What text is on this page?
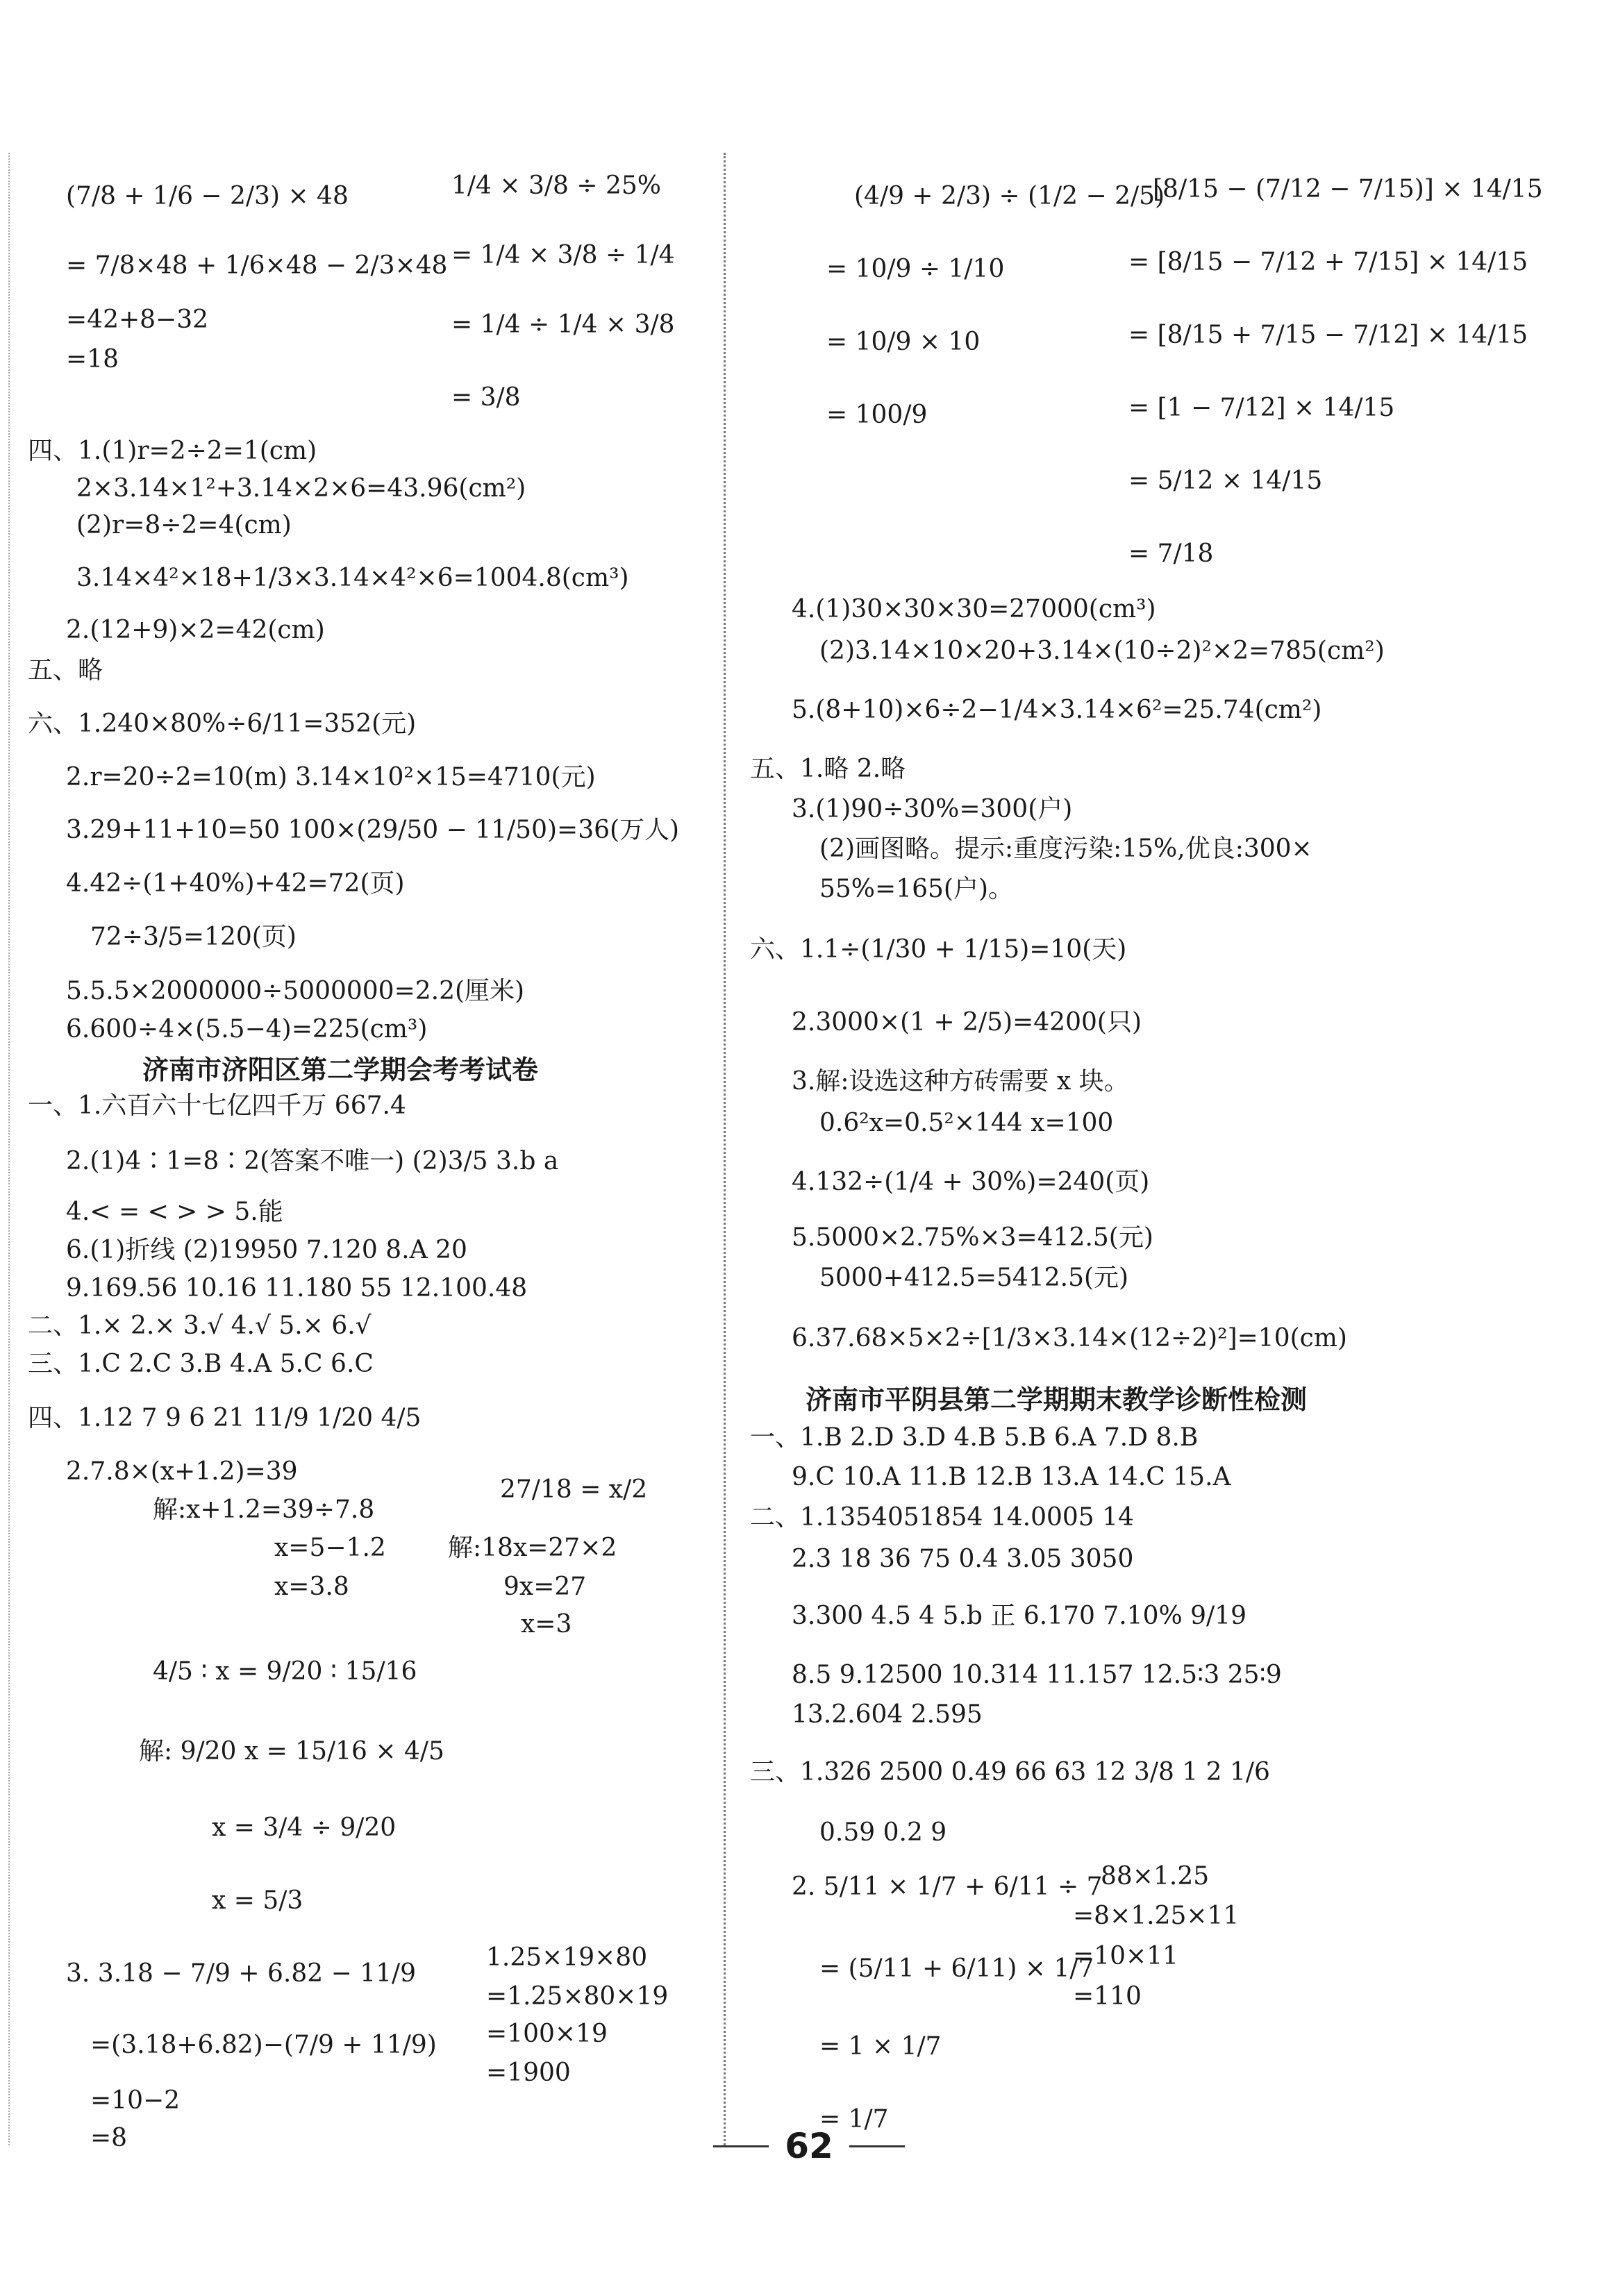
(7/8 + 1/6 − 2/3) × 48
= 7/8×48 + 1/6×48 − 2/3×48
=42+8−32
=18
四、1.(1)r=2÷2=1(cm)
2×3.14×1²+3.14×2×6=43.96(cm²)
(2)r=8÷2=4(cm)
3.14×4²×18+1/3×3.14×4²×6=1004.8(cm³)
2.(12+9)×2=42(cm)
五、略
六、1.240×80%÷6/11=352(元)
2.r=20÷2=10(m) 3.14×10²×15=4710(元)
3.29+11+10=50 100×(29/50 − 11/50)=36(万人)
4.42÷(1+40%)+42=72(页)
72÷3/5=120(页)
5.5.5×2000000÷5000000=2.2(厘米)
6.600÷4×(5.5−4)=225(cm³)
济南市济阳区第二学期会考考试卷
一、1.六百六十七亿四千万 667.4
2.(1)4∶1=8∶2(答案不唯一) (2)3/5 3.b a
4.< = < > > 5.能
6.(1)折线 (2)19950 7.120 8.A 20
9.169.56 10.16 11.180 55 12.100.48
二、1.× 2.× 3.√ 4.√ 5.× 6.√
三、1.C 2.C 3.B 4.A 5.C 6.C
四、1.12 7 9 6 21 11/9 1/20 4/5
2.7.8×(x+1.2)=39
解:x+1.2=39÷7.8
x=5−1.2
x=3.8
4/5 ∶ x = 9/20 ∶ 15/16
解: 9/20 x = 15/16 × 4/5
x = 3/4 ÷ 9/20
x = 5/3
3. 3.18 − 7/9 + 6.82 − 11/9
=(3.18+6.82)−(7/9 + 11/9)
=10−2
=8
1/4 × 3/8 ÷ 25%
= 1/4 × 3/8 ÷ 1/4
= 1/4 ÷ 1/4 × 3/8
= 3/8
27/18 = x/2
解:18x=27×2
9x=27
x=3
1.25×19×80
=1.25×80×19
=100×19
=1900
(4/9 + 2/3) ÷ (1/2 − 2/5)
= 10/9 ÷ 1/10
= 10/9 × 10
= 100/9
4.(1)30×30×30=27000(cm³)
(2)3.14×10×20+3.14×(10÷2)²×2=785(cm²)
5.(8+10)×6÷2−1/4×3.14×6²=25.74(cm²)
五、1.略 2.略
3.(1)90÷30%=300(户)
(2)画图略。提示:重度污染:15%,优良:300×
55%=165(户)。
六、1.1÷(1/30 + 1/15)=10(天)
2.3000×(1 + 2/5)=4200(只)
3.解:设选这种方砖需要 x 块。
0.6²x=0.5²×144 x=100
4.132÷(1/4 + 30%)=240(页)
5.5000×2.75%×3=412.5(元)
5000+412.5=5412.5(元)
6.37.68×5×2÷[1/3×3.14×(12÷2)²]=10(cm)
济南市平阴县第二学期期末教学诊断性检测
一、1.B 2.D 3.D 4.B 5.B 6.A 7.D 8.B
9.C 10.A 11.B 12.B 13.A 14.C 15.A
二、1.1354051854 14.0005 14
2.3 18 36 75 0.4 3.05 3050
3.300 4.5 4 5.b 正 6.170 7.10% 9/19
8.5 9.12500 10.314 11.157 12.5∶3 25∶9
13.2.604 2.595
三、1.326 2500 0.49 66 63 12 3/8 1 2 1/6
0.59 0.2 9
2. 5/11 × 1/7 + 6/11 ÷ 7
= (5/11 + 6/11) × 1/7
= 1 × 1/7
= 1/7
[8/15 − (7/12 − 7/15)] × 14/15
= [8/15 − 7/12 + 7/15] × 14/15
= [8/15 + 7/15 − 7/12] × 14/15
= [1 − 7/12] × 14/15
= 5/12 × 14/15
= 7/18
88×1.25
=8×1.25×11
=10×11
=110
62
